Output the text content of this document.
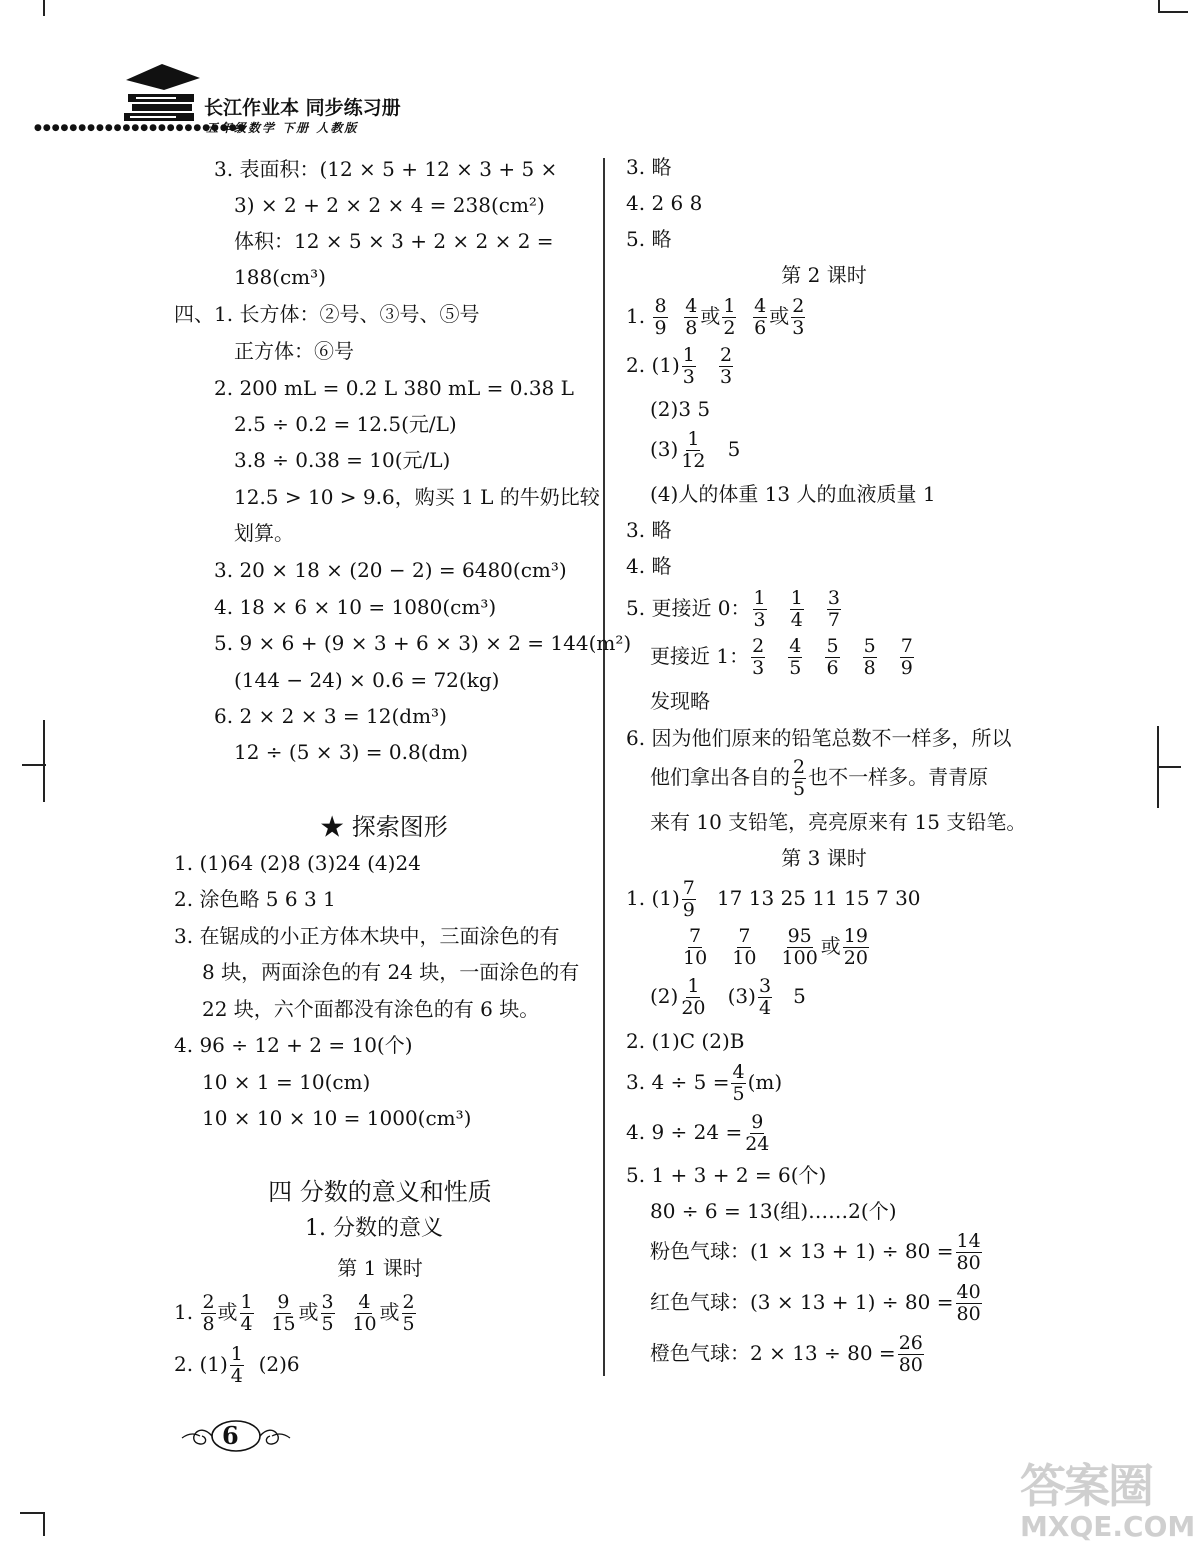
长江作业本 同步练习册
●●●●●●●●●●●●●●●●●●●●●●●●
五年级数学 下册 人教版
3. 表面积：(12 × 5 + 12 × 3 + 5 ×
3) × 2 + 2 × 2 × 4 = 238(cm²)
体积：12 × 5 × 3 + 2 × 2 × 2 =
188(cm³)
四、1. 长方体：②号、③号、⑤号
正方体：⑥号
2. 200 mL = 0.2 L 380 mL = 0.38 L
2.5 ÷ 0.2 = 12.5(元/L)
3.8 ÷ 0.38 = 10(元/L)
12.5 > 10 > 9.6，购买 1 L 的牛奶比较
划算。
3. 20 × 18 × (20 − 2) = 6480(cm³)
4. 18 × 6 × 10 = 1080(cm³)
5. 9 × 6 + (9 × 3 + 6 × 3) × 2 = 144(m²)
(144 − 24) × 0.6 = 72(kg)
6. 2 × 2 × 3 = 12(dm³)
12 ÷ (5 × 3) = 0.8(dm)
★ 探索图形
1. (1)64 (2)8 (3)24 (4)24
2. 涂色略 5 6 3 1
3. 在锯成的小正方体木块中，三面涂色的有
8 块，两面涂色的有 24 块，一面涂色的有
22 块，六个面都没有涂色的有 6 块。
4. 96 ÷ 12 + 2 = 10(个)
10 × 1 = 10(cm)
10 × 10 × 10 = 1000(cm³)
四 分数的意义和性质
1. 分数的意义
第 1 课时
1. $\frac{2}{8}$ 或 $\frac{1}{4}$
$\frac{9}{15}$ 或 $\frac{3}{5}$
$\frac{4}{10}$ 或 $\frac{2}{5}$
2. $(1) \frac{1}{4} (2)6$
3. 略
4. 2 6 8
5. 略
第 2 课时
1. $\frac{8}{9}$
$\frac{4}{8}$ 或 $\frac{1}{2}$
$\frac{4}{6}$ 或 $\frac{2}{3}$
2. $(1) \frac{1}{3}$
$\frac{2}{3}$
(2)3 5
$(3) \frac{1}{12} 5$
(4)人的体重 13 人的血液质量 1
3. 略
4. 略
5. 更接近 0： $\frac{1}{3}$
$\frac{1}{4}$
$\frac{3}{7}$
更接近 1： $\frac{2}{3}$
$\frac{4}{5}$
$\frac{5}{6}$
$\frac{5}{8}$
$\frac{7}{9}$
发现略
6. 因为他们原来的铅笔总数不一样多，所以
他们拿出各自的 $\frac{2}{5}$ 也不一样多。青青原
来有 10 支铅笔，亮亮原来有 15 支铅笔。
第 3 课时
1. $(1) \frac{7}{9} 17$ 13 25 11 15 7 30
$\frac{7}{10}$
$\frac{7}{10}$
$\frac{95}{100}$ 或 $\frac{19}{20}$
$(2) \frac{1}{20} (3) \frac{3}{4} 5$
2. (1)C (2)B
3. $4 \div 5 = \frac{4}{5} (m)$
4. $9 \div 24 = \frac{9}{24}$
5. 1 + 3 + 2 = 6(个)
80 ÷ 6 = 13(组)……2(个)
粉色气球：$(1 \times 13 + 1) \div 80 = \frac{14}{80}$
红色气球：$(3 \times 13 + 1) \div 80 = \frac{40}{80}$
橙色气球：$2 \times 13 \div 80 = \frac{26}{80}$
6
答案圈
MXQE.COM
